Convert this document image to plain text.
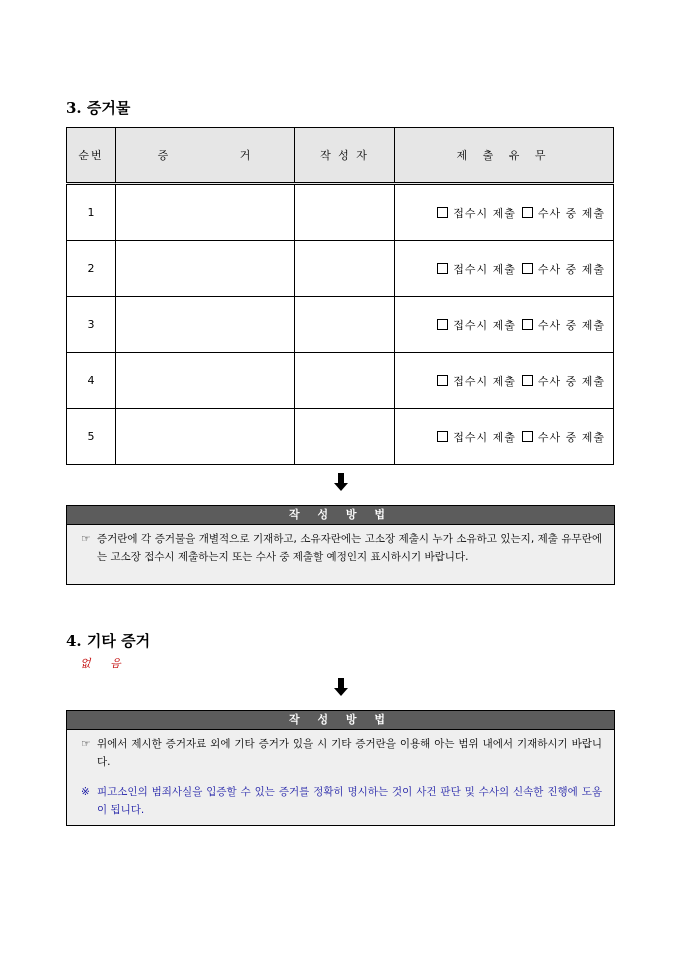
3. 증거물
순번	증 거	작 성 자	제 출 유 무
1			접수시 제출 수사 중 제출
2			접수시 제출 수사 중 제출
3			접수시 제출 수사 중 제출
4			접수시 제출 수사 중 제출
5			접수시 제출 수사 중 제출
작 성 방 법
☞ 증거란에 각 증거물을 개별적으로 기재하고, 소유자란에는 고소장 제출시 누가 소유하고 있는지, 제출 유무란에는 고소장 접수시 제출하는지 또는 수사 중 제출할 예정인지 표시하시기 바랍니다.
4. 기타 증거
없 음
작 성 방 법
☞ 위에서 제시한 증거자료 외에 기타 증거가 있을 시 기타 증거란을 이용해 아는 범위 내에서 기재하시기 바랍니다.
※ 피고소인의 범죄사실을 입증할 수 있는 증거를 정확히 명시하는 것이 사건 판단 및 수사의 신속한 진행에 도움이 됩니다.
